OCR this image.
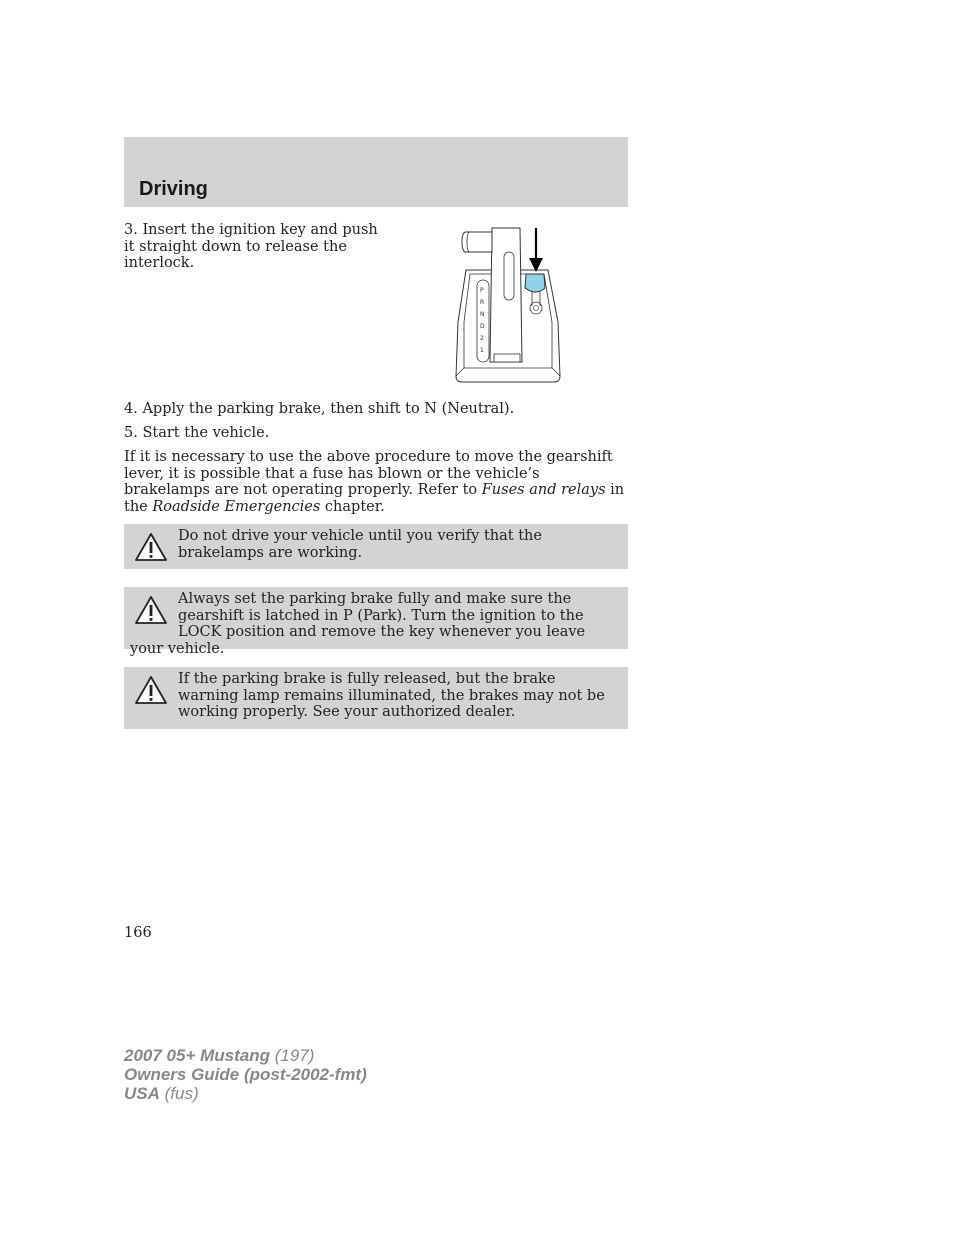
Driving
3. Insert the ignition key and push it straight down to release the interlock.
P
R
N
D
2
1

4. Apply the parking brake, then shift to N (Neutral).

5. Start the vehicle.

If it is necessary to use the above procedure to move the gearshift lever, it is possible that a fuse has blown or the vehicle’s brakelamps are not operating properly. Refer to Fuses and relays in the Roadside Emergencies chapter.

Do not drive your vehicle until you verify that the brakelamps are working.
Always set the parking brake fully and make sure the gearshift is latched in P (Park). Turn the ignition to the LOCK position and remove the key whenever you leave your vehicle.
If the parking brake is fully released, but the brake warning lamp remains illuminated, the brakes may not be working properly. See your authorized dealer.
166
2007 05+ Mustang (197)
Owners Guide (post-2002-fmt)
USA (fus)
